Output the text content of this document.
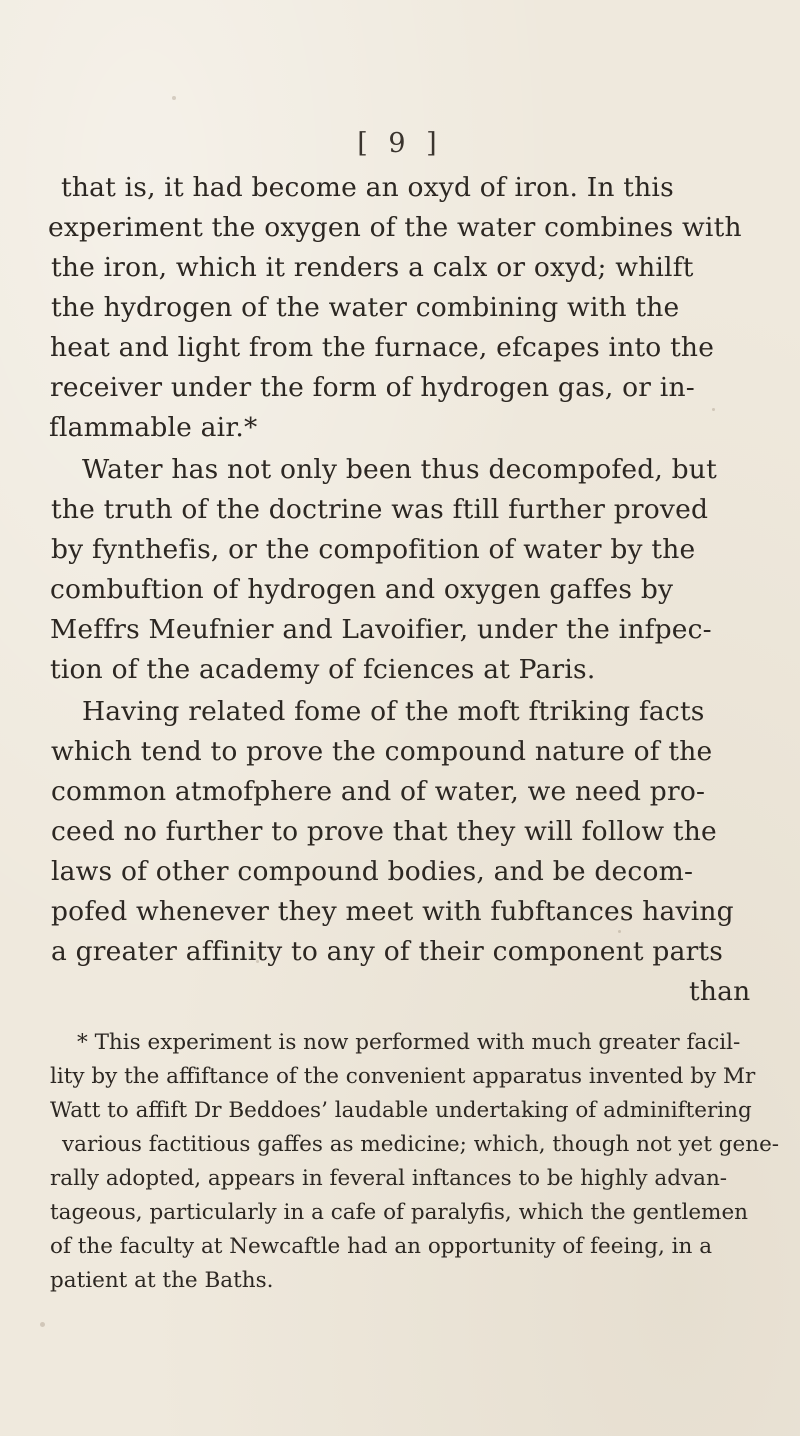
[ 9 ]
that is, it had become an oxyd of iron. In this
experiment the oxygen of the water combines with
the iron, which it renders a calx or oxyd; whilft
the hydrogen of the water combining with the
heat and light from the furnace, efcapes into the
receiver under the form of hydrogen gas, or in-
flammable air.*
Water has not only been thus decompofed, but
the truth of the doctrine was ftill further proved
by fynthefis, or the compofition of water by the
combuftion of hydrogen and oxygen gaffes by
Meffrs Meufnier and Lavoifier, under the infpec-
tion of the academy of fciences at Paris.
Having related fome of the moft ftriking facts
which tend to prove the compound nature of the
common atmofphere and of water, we need pro-
ceed no further to prove that they will follow the
laws of other compound bodies, and be decom-
pofed whenever they meet with fubftances having
a greater affinity to any of their component parts
than
* This experiment is now performed with much greater facil-
lity by the affiftance of the convenient apparatus invented by Mr
Watt to affift Dr Beddoes’ laudable undertaking of adminiftering
various factitious gaffes as medicine; which, though not yet gene-
rally adopted, appears in feveral inftances to be highly advan-
tageous, particularly in a cafe of paralyfis, which the gentlemen
of the faculty at Newcaftle had an opportunity of feeing, in a
patient at the Baths.
